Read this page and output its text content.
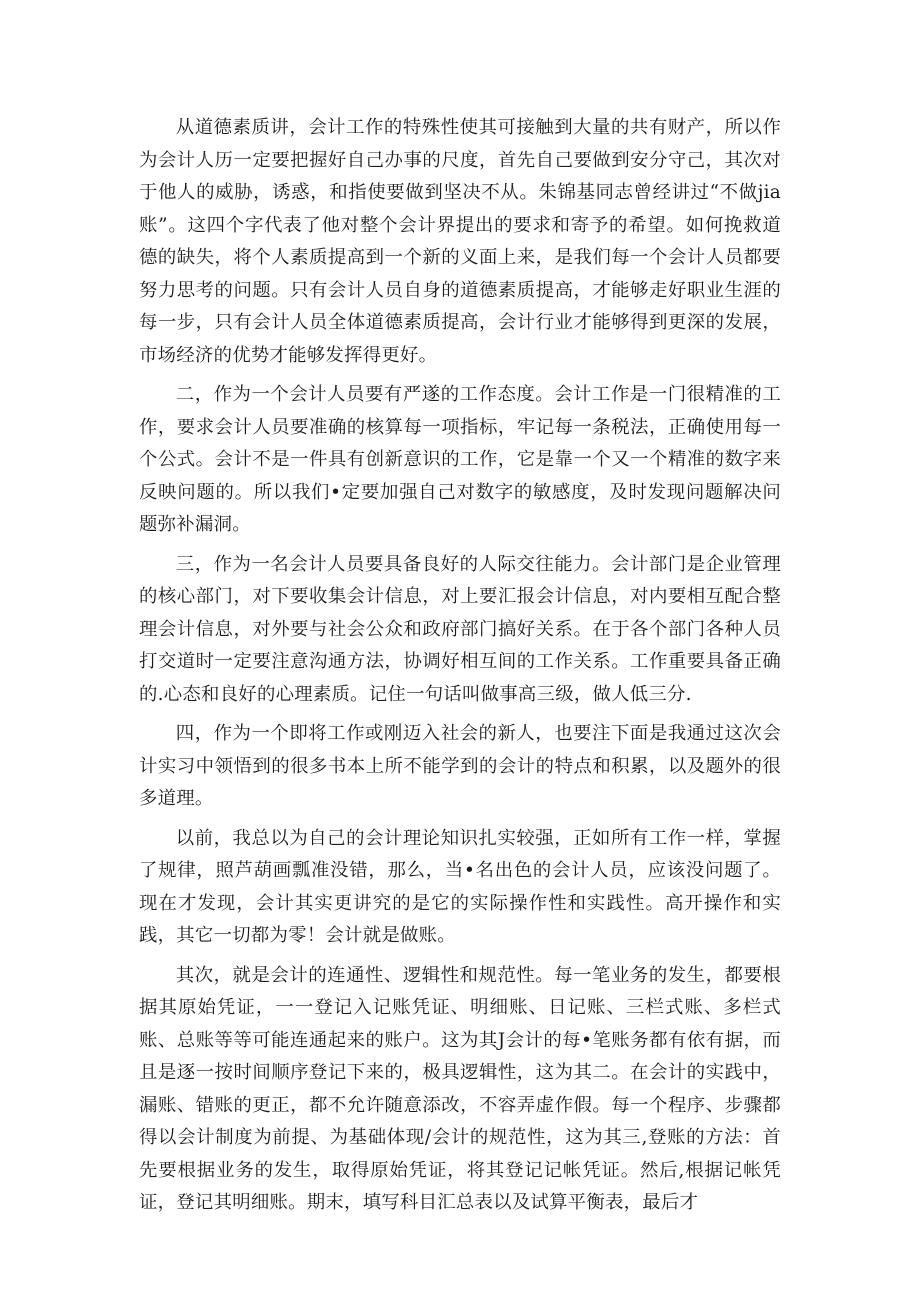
从道德素质讲，会计工作的特殊性使其可接触到大量的共有财产，所以作为会计人历一定要把握好自己办事的尺度，首先自己要做到安分守己，其次对于他人的威胁，诱惑，和指使要做到坚决不从。朱锦基同志曾经讲过“不做jia账”。这四个字代表了他对整个会计界提出的要求和寄予的希望。如何挽救道德的缺失，将个人素质提高到一个新的义面上来，是我们每一个会计人员都要努力思考的问题。只有会计人员自身的道德素质提高，才能够走好职业生涯的每一步，只有会计人员全体道德素质提高，会计行业才能够得到更深的发展，市场经济的优势才能够发挥得更好。

二，作为一个会计人员要有严遂的工作态度。会计工作是一门很精准的工作，要求会计人员要准确的核算每一项指标，牢记每一条税法，正确使用每一个公式。会计不是一件具有创新意识的工作，它是靠一个又一个精准的数字来反映问题的。所以我们•定要加强自己对数字的敏感度，及时发现问题解决问题弥补漏洞。

三，作为一名会计人员要具备良好的人际交往能力。会计部门是企业管理的核心部门，对下要收集会计信息，对上要汇报会计信息，对内要相互配合整理会计信息，对外要与社会公众和政府部门搞好关系。在于各个部门各种人员打交道时一定要注意沟通方法，协调好相互间的工作关系。工作重要具备正确的.心态和良好的心理素质。记住一句话叫做事高三级，做人低三分.

四，作为一个即将工作或刚迈入社会的新人，也要注下面是我通过这次会计实习中领悟到的很多书本上所不能学到的会计的特点和积累，以及题外的很多道理。

以前，我总以为自己的会计理论知识扎实较强，正如所有工作一样，掌握了规律，照芦葫画瓢准没错，那么，当•名出色的会计人员，应该没问题了。现在才发现，会计其实更讲究的是它的实际操作性和实践性。高开操作和实践，其它一切都为零！会计就是做账。

其次，就是会计的连通性、逻辑性和规范性。每一笔业务的发生，都要根据其原始凭证，一一登记入记账凭证、明细账、日记账、三栏式账、多栏式账、总账等等可能连通起来的账户。这为其J会计的每•笔账务都有依有据，而且是逐一按时间顺序登记下来的，极具逻辑性，这为其二。在会计的实践中，漏账、错账的更正，都不允许随意添改，不容弄虚作假。每一个程序、步骤都得以会计制度为前提、为基础体现/会计的规范性，这为其三,登账的方法：首先要根据业务的发生，取得原始凭证，将其登记记帐凭证。然后,根据记帐凭证，登记其明细账。期末，填写科目汇总表以及试算平衡表，最后才
